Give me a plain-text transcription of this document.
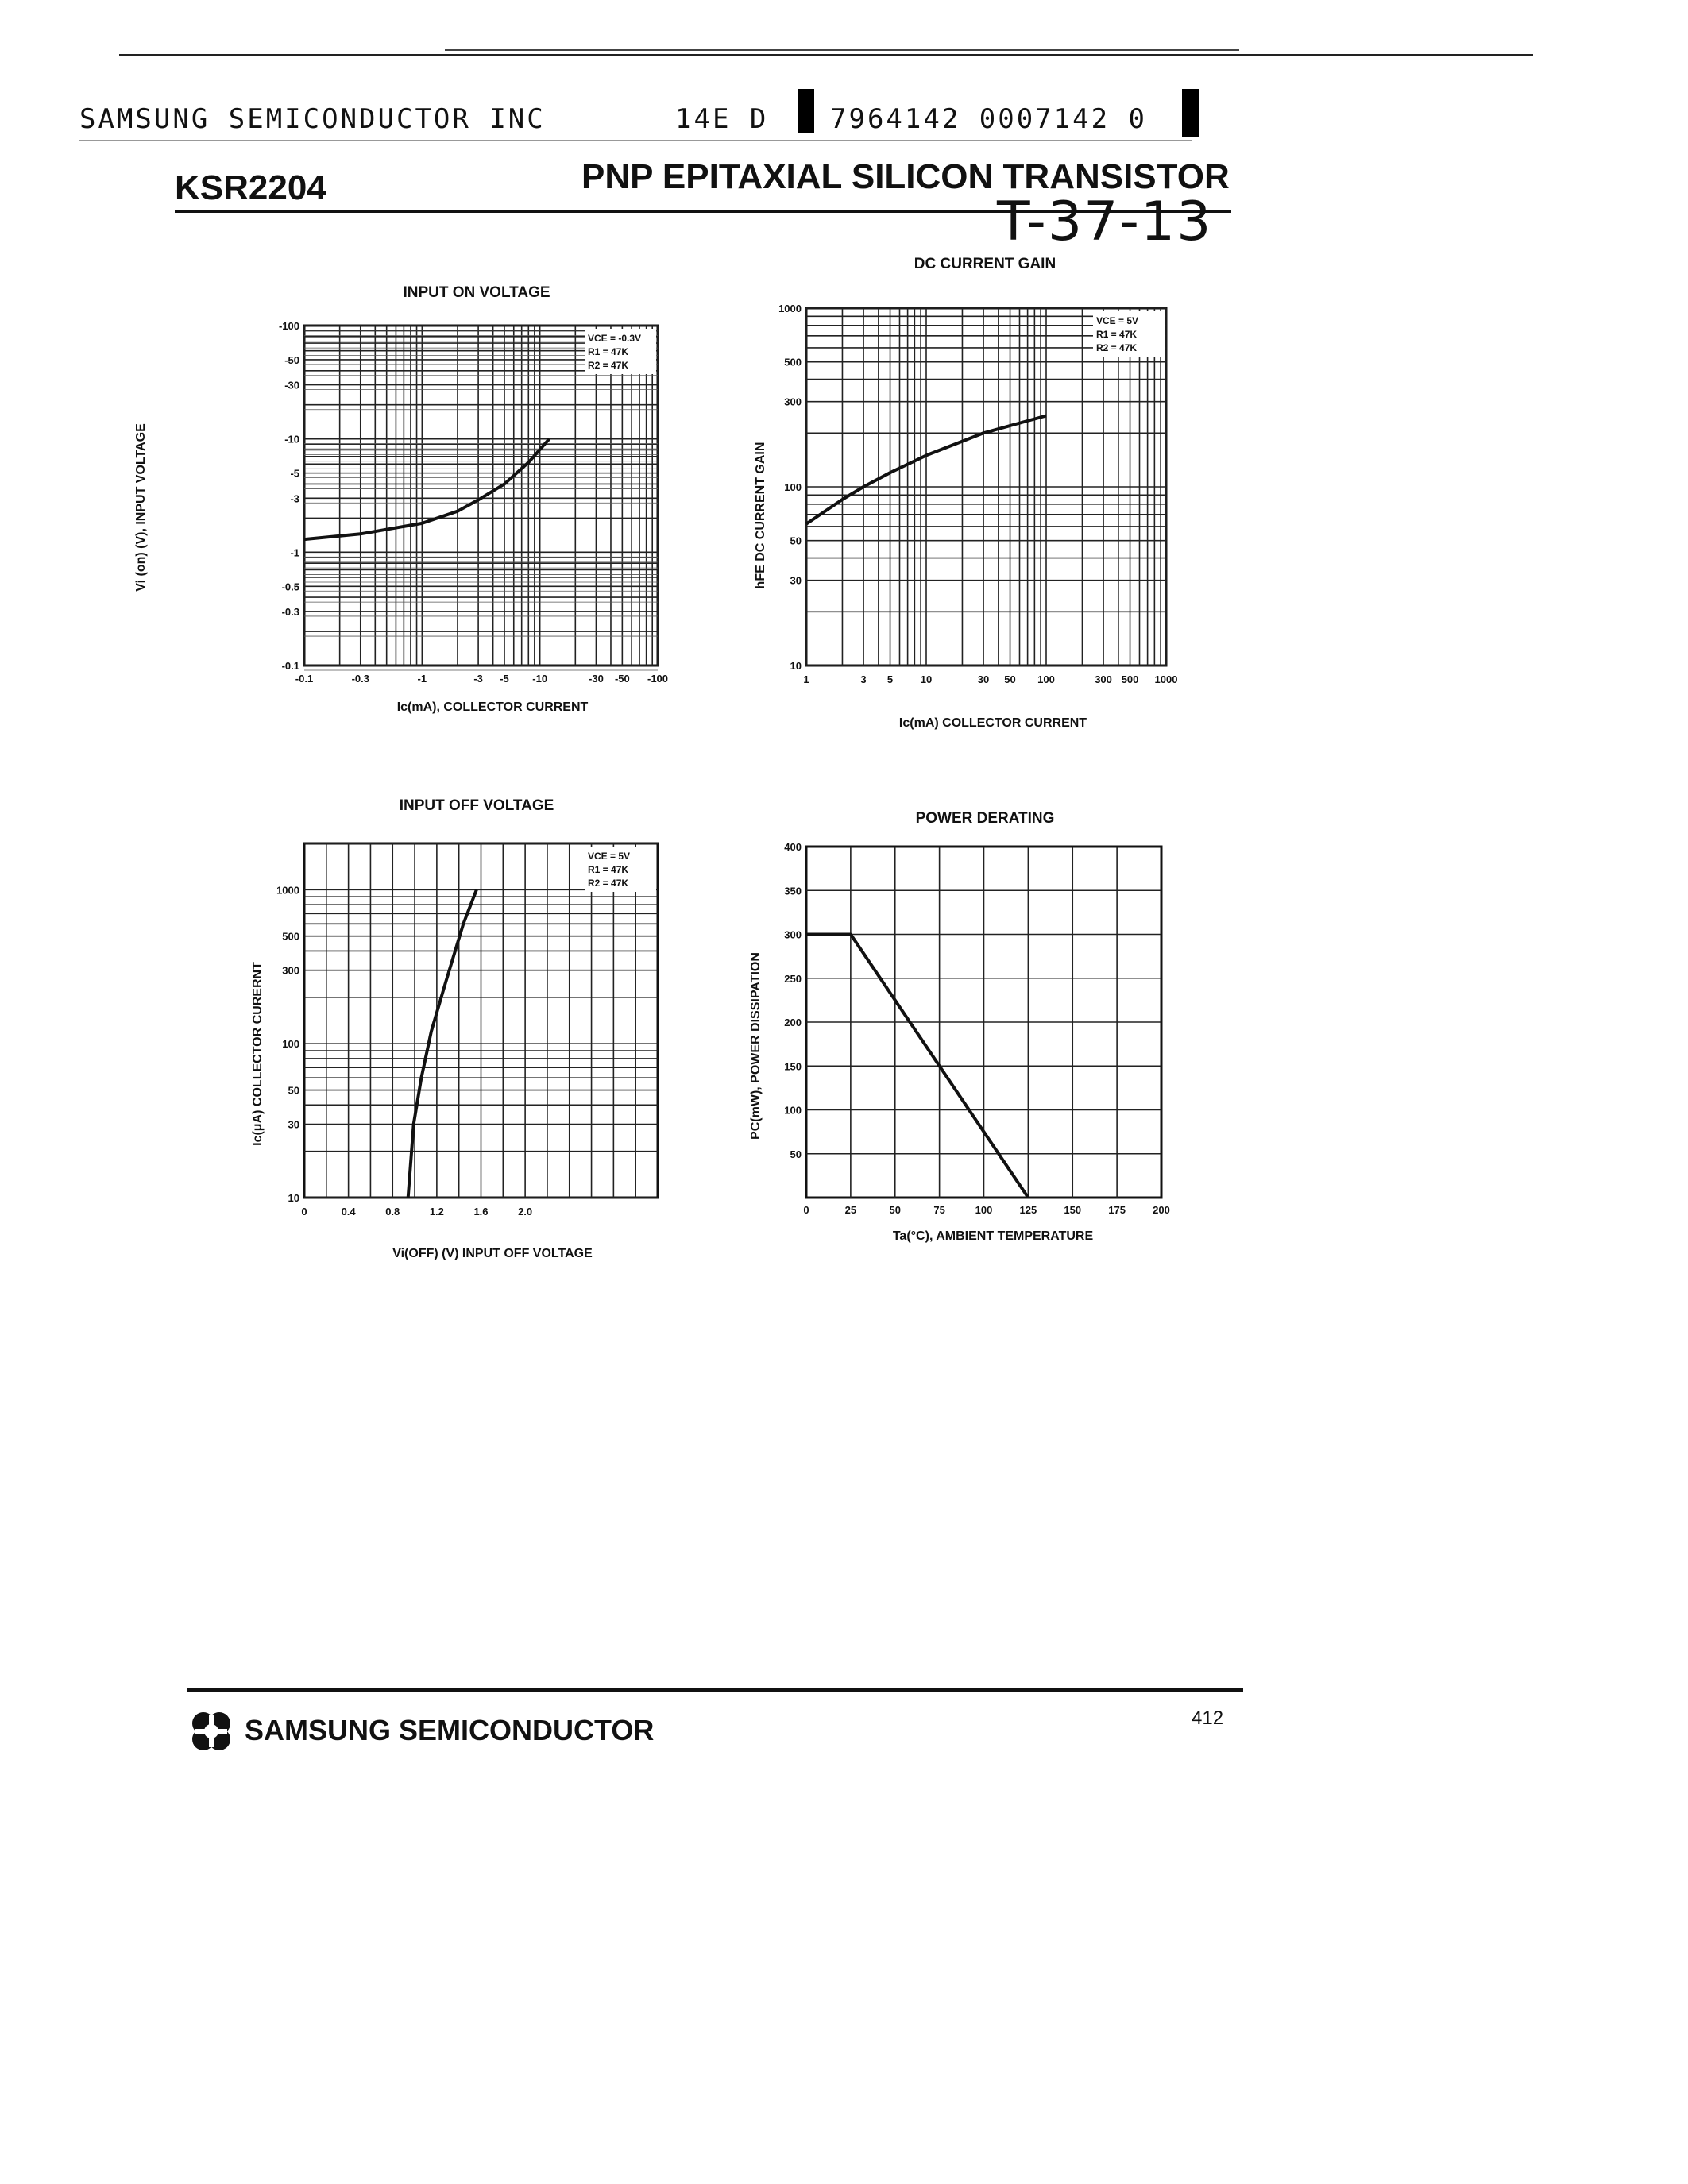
SAMSUNG SEMICONDUCTOR INC	14E D 7964142 0007142 0
KSR2204	PNP EPITAXIAL SILICON TRANSISTOR
T-37-13
INPUT ON VOLTAGE
Vi (on) (V), INPUT VOLTAGE
-0.1	-0.3	-1	-3 -5 -10	-30 -50 -100
-100
-50
-30
-10
-5
-3
-1
-0.5
-0.3
-0.1
VCE = -0.3V
R1 = 47K
R2 = 47K
Ic(mA), COLLECTOR CURRENT
DC CURRENT GAIN
hFE DC CURRENT GAIN
1	3 5	10	30 50 100	300 500 1000
1000
500
300
100
50
30
10
VCE = 5V
R1 = 47K
R2 = 47K
Ic(mA) COLLECTOR CURRENT
INPUT OFF VOLTAGE
Ic(μA) COLLECTOR CURERNT
0	0.4	0.8	1.2	1.6	2.0
1000
500
300
100
50
30
10
VCE = 5V
R1 = 47K
R2 = 47K
Vi(OFF) (V) INPUT OFF VOLTAGE
POWER DERATING
PC(mW), POWER DISSIPATION
0	25	50	75	100	125	150	175	200
400
350
300
250
200
150
100
50
Ta(°C), AMBIENT TEMPERATURE
SAMSUNG SEMICONDUCTOR	412
